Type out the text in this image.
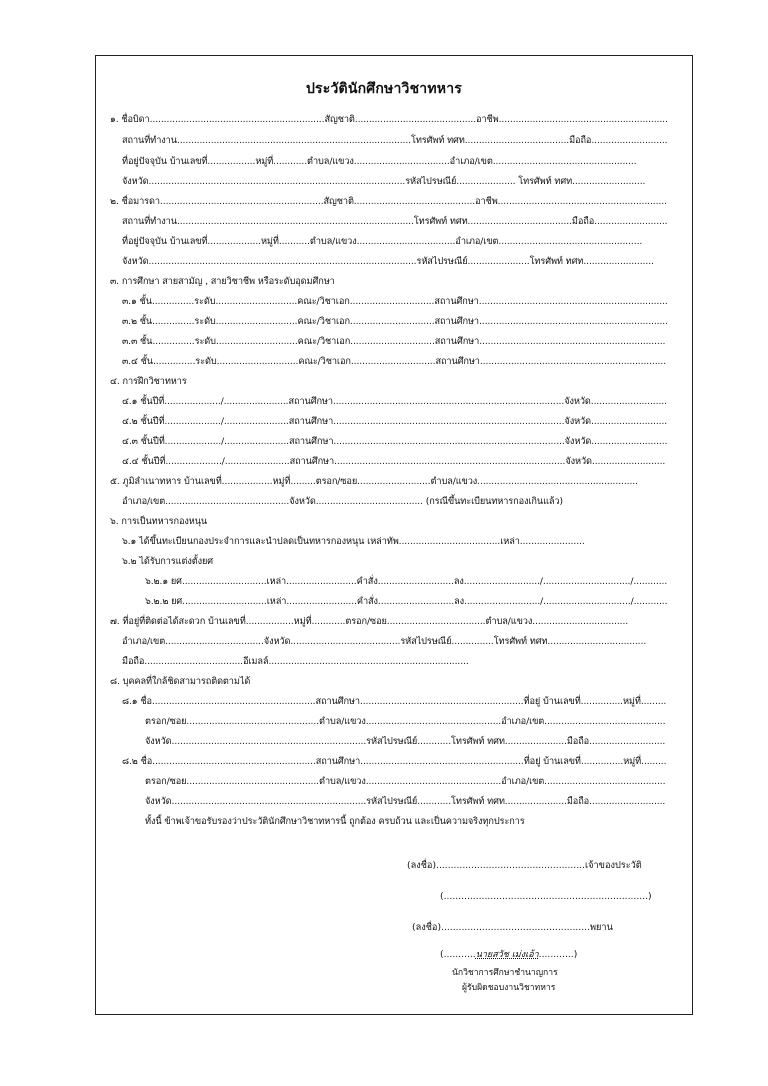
ประวัตินักศึกษาวิชาทหาร
๑. ชื่อบิดา..............................................................สัญชาติ...........................................อาชีพ............................................................
สถานที่ทำงาน...................................................................................โทรศัพท์ ทศท.....................................มือถือ...........................
ที่อยู่ปัจจุบัน บ้านเลขที่.................หมู่ที่............ตำบล/แขวง..................................อำเภอ/เขต...................................................
จังหวัด...........................................................................................รหัสไปรษณีย์..................... โทรศัพท์ ทศท..........................
๒. ชื่อมารดา..........................................................สัญชาติ...........................................อาชีพ............................................................
สถานที่ทำงาน....................................................................................โทรศัพท์ ทศท.....................................มือถือ..........................
ที่อยู่ปัจจุบัน บ้านเลขที่...................หมู่ที่...........ตำบล/แขวง...................................อำเภอ/เขต...................................................
จังหวัด...............................................................................................รหัสไปรษณีย์......................โทรศัพท์ ทศท.........................
๓. การศึกษา สายสามัญ , สายวิชาชีพ หรือระดับอุดมศึกษา
๓.๑ ชั้น...............ระดับ.............................คณะ/วิชาเอก..............................สถานศึกษา...................................................................
๓.๒ ชั้น...............ระดับ.............................คณะ/วิชาเอก..............................สถานศึกษา...................................................................
๓.๓ ชั้น...............ระดับ.............................คณะ/วิชาเอก..............................สถานศึกษา..................................................................
๓.๔ ชั้น...............ระดับ.............................คณะ/วิชาเอก..............................สถานศึกษา..................................................................
๔. การฝึกวิชาทหาร
๔.๑ ชั้นปีที่..................../.......................สถานศึกษา..................................................................................จังหวัด...........................
๔.๒ ชั้นปีที่..................../.......................สถานศึกษา..................................................................................จังหวัด...........................
๔.๓ ชั้นปีที่..................../.......................สถานศึกษา..................................................................................จังหวัด...........................
๔.๔ ชั้นปีที่..................../.......................สถานศึกษา..................................................................................จังหวัด..........................
๕. ภูมิลำเนาทหาร บ้านเลขที่..................หมู่ที่.........ตรอก/ซอย..........................ตำบล/แขวง.........................................................
อำเภอ/เขต............................................จังหวัด...................................... (กรณีขึ้นทะเบียนทหารกองเกินแล้ว)
๖. การเป็นทหารกองหนุน
๖.๑ ได้ขึ้นทะเบียนกองประจำการและนำปลดเป็นทหารกองหนุน เหล่าทัพ....................................เหล่า.......................
๖.๒ ได้รับการแต่งตั้งยศ
๖.๒.๑ ยศ..............................เหล่า.........................คำสั่ง...........................ลง.........................../.............................../............
๖.๒.๒ ยศ..............................เหล่า.........................คำสั่ง...........................ลง.........................../.............................../............
๗. ที่อยู่ที่ติดต่อได้สะดวก บ้านเลขที่.................หมู่ที่............ตรอก/ซอย...................................ตำบล/แขวง..................................
อำเภอ/เขต...................................จังหวัด.......................................รหัสไปรษณีย์...............โทรศัพท์ ทศท...................................
มือถือ...................................อีเมลล์.......................................................................
๘. บุคคลที่ใกล้ชิดสามารถติดตามได้
๘.๑ ชื่อ..........................................................สถานศึกษา..........................................................ที่อยู่ บ้านเลขที่...............หมู่ที่.........
ตรอก/ซอย...............................................ตำบล/แขวง................................................อำเภอ/เขต...........................................
จังหวัด.....................................................................รหัสไปรษณีย์............โทรศัพท์ ทศท......................มือถือ...........................
๘.๒ ชื่อ..........................................................สถานศึกษา..........................................................ที่อยู่ บ้านเลขที่...............หมู่ที่.........
ตรอก/ซอย...............................................ตำบล/แขวง................................................อำเภอ/เขต...........................................
จังหวัด.....................................................................รหัสไปรษณีย์............โทรศัพท์ ทศท......................มือถือ...........................
ทั้งนี้ ข้าพเจ้าขอรับรองว่าประวัตินักศึกษาวิชาทหารนี้ ถูกต้อง ครบถ้วน และเป็นความจริงทุกประการ
(ลงชื่อ)...................................................เจ้าของประวัติ
(......................................................................)
(ลงชื่อ)...................................................พยาน
(...........นายสวัช เม่งเอ้า............)
นักวิชาการศึกษาชำนาญการ
ผู้รับผิดชอบงานวิชาทหาร
